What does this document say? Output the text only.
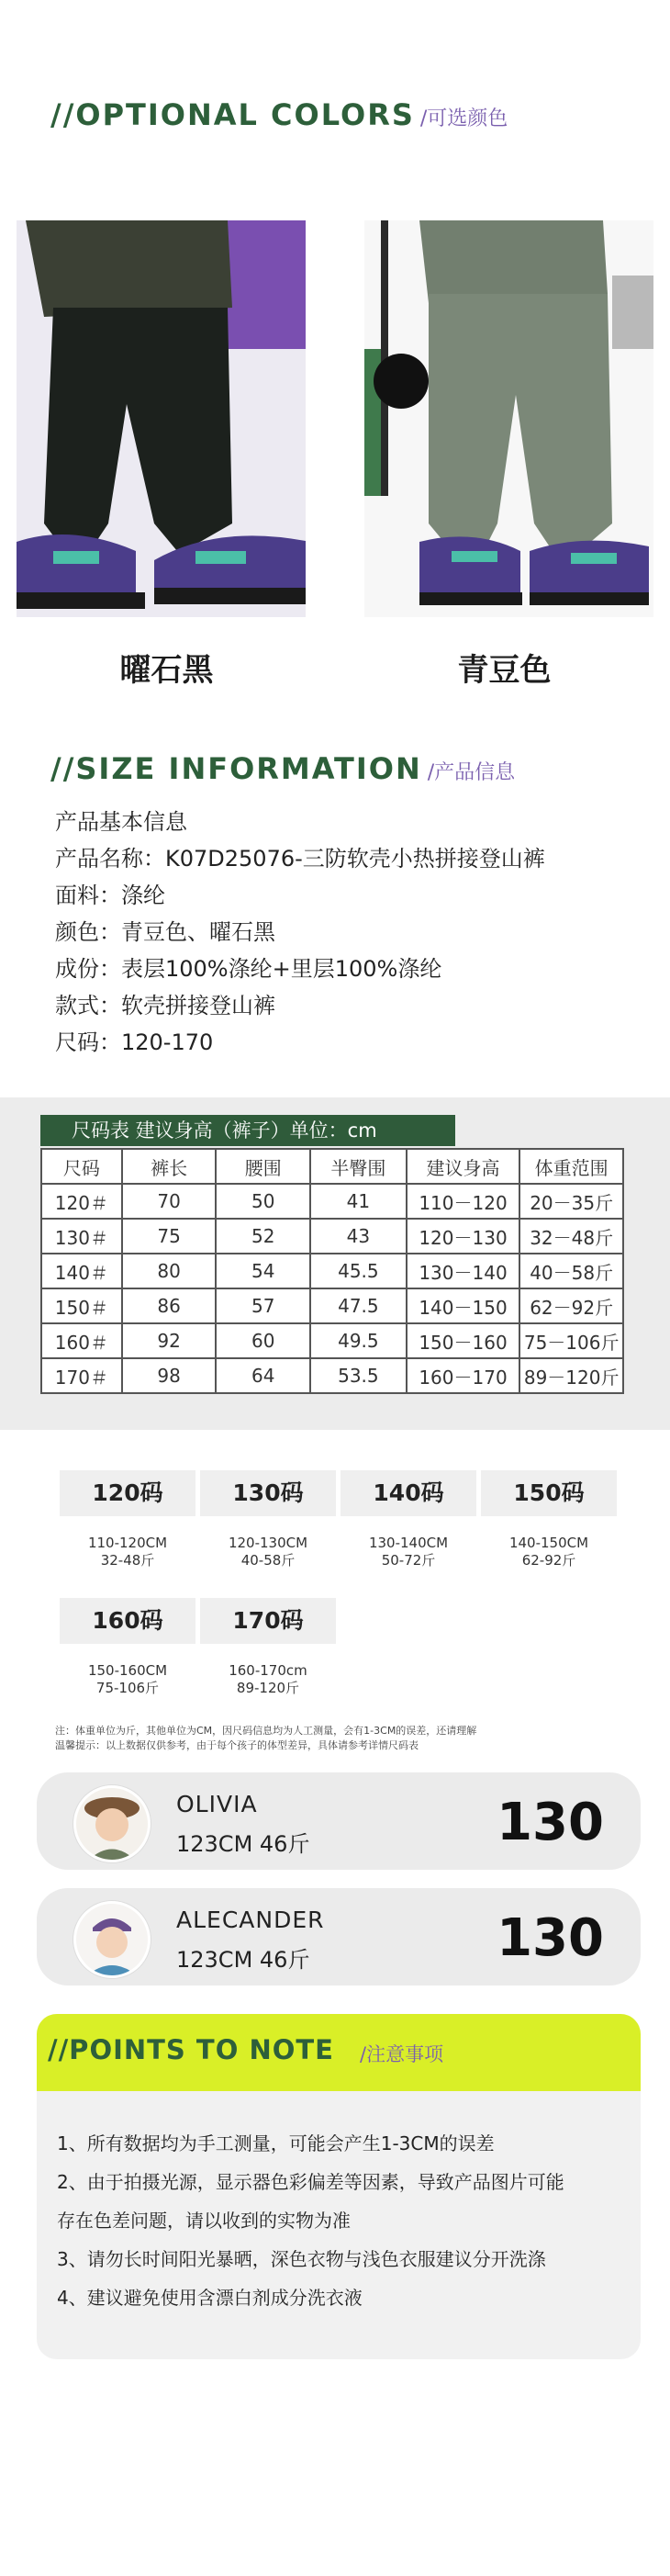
//OPTIONAL COLORS /可选颜色
曜石黑	青豆色
//SIZE INFORMATION /产品信息
产品基本信息
产品名称：K07D25076-三防软壳小热拼接登山裤
面料：涤纶
颜色：青豆色、曜石黑
成份：表层100%涤纶+里层100%涤纶
款式：软壳拼接登山裤
尺码：120-170
尺码表 建议身高（裤子）单位：cm
尺码	裤长	腰围	半臀围	建议身高	体重范围
120＃	70	50	41	110－120	20－35斤
130＃	75	52	43	120－130	32－48斤
140＃	80	54	45.5	130－140	40－58斤
150＃	86	57	47.5	140－150	62－92斤
160＃	92	60	49.5	150－160	75－106斤
170＃	98	64	53.5	160－170	89－120斤
120码
110-120CM
32-48斤
130码
120-130CM
40-58斤
140码
130-140CM
50-72斤
150码
140-150CM
62-92斤
160码
150-160CM
75-106斤
170码
160-170cm
89-120斤
注：体重单位为斤，其他单位为CM，因尺码信息均为人工测量，会有1-3CM的误差，还请理解
温馨提示：以上数据仅供参考，由于每个孩子的体型差异，具体请参考详情尺码表
OLIVIA
123CM 46斤	130
ALECANDER
123CM 46斤	130
//POINTS TO NOTE /注意事项
1、所有数据均为手工测量，可能会产生1-3CM的误差
2、由于拍摄光源，显示器色彩偏差等因素，导致产品图片可能
存在色差问题，请以收到的实物为准
3、请勿长时间阳光暴晒，深色衣物与浅色衣服建议分开洗涤
4、建议避免使用含漂白剂成分洗衣液
